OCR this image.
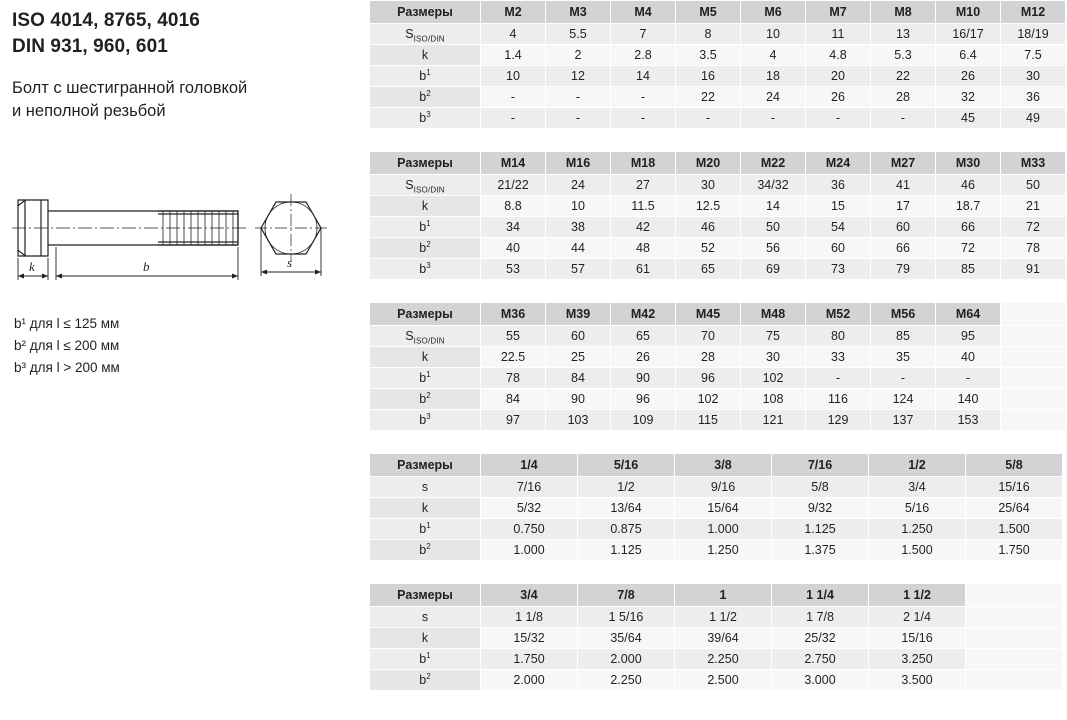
ISO 4014, 8765, 4016
DIN 931, 960, 601
Болт с шестигранной головкой
и неполной резьбой
k	b	s
b¹ для l ≤ 125 мм
b² для l ≤ 200 мм
b³ для l > 200 мм
Размеры	M2	M3	M4	M5	M6	M7	M8	M10	M12
$S_{ISO/DIN}$	4	5.5	7	8	10	11	13	16/17	18/19
k	1.4	2	2.8	3.5	4	4.8	5.3	6.4	7.5
$b^1$	10	12	14	16	18	20	22	26	30
$b^2$	-	-	-	22	24	26	28	32	36
$b^3$	-	-	-	-	-	-	-	45	49
Размеры	M14	M16	M18	M20	M22	M24	M27	M30	M33
$S_{ISO/DIN}$	21/22	24	27	30	34/32	36	41	46	50
k	8.8	10	11.5	12.5	14	15	17	18.7	21
$b^1$	34	38	42	46	50	54	60	66	72
$b^2$	40	44	48	52	56	60	66	72	78
$b^3$	53	57	61	65	69	73	79	85	91
Размеры	M36	M39	M42	M45	M48	M52	M56	M64	
$S_{ISO/DIN}$	55	60	65	70	75	80	85	95	
k	22.5	25	26	28	30	33	35	40	
$b^1$	78	84	90	96	102	-	-	-	
$b^2$	84	90	96	102	108	116	124	140	
$b^3$	97	103	109	115	121	129	137	153	
Размеры	1/4	5/16	3/8	7/16	1/2	5/8
s	7/16	1/2	9/16	5/8	3/4	15/16
k	5/32	13/64	15/64	9/32	5/16	25/64
$b^1$	0.750	0.875	1.000	1.125	1.250	1.500
$b^2$	1.000	1.125	1.250	1.375	1.500	1.750
Размеры	3/4	7/8	1	1 1/4	1 1/2	
s	1 1/8	1 5/16	1 1/2	1 7/8	2 1/4	
k	15/32	35/64	39/64	25/32	15/16	
$b^1$	1.750	2.000	2.250	2.750	3.250	
$b^2$	2.000	2.250	2.500	3.000	3.500	
